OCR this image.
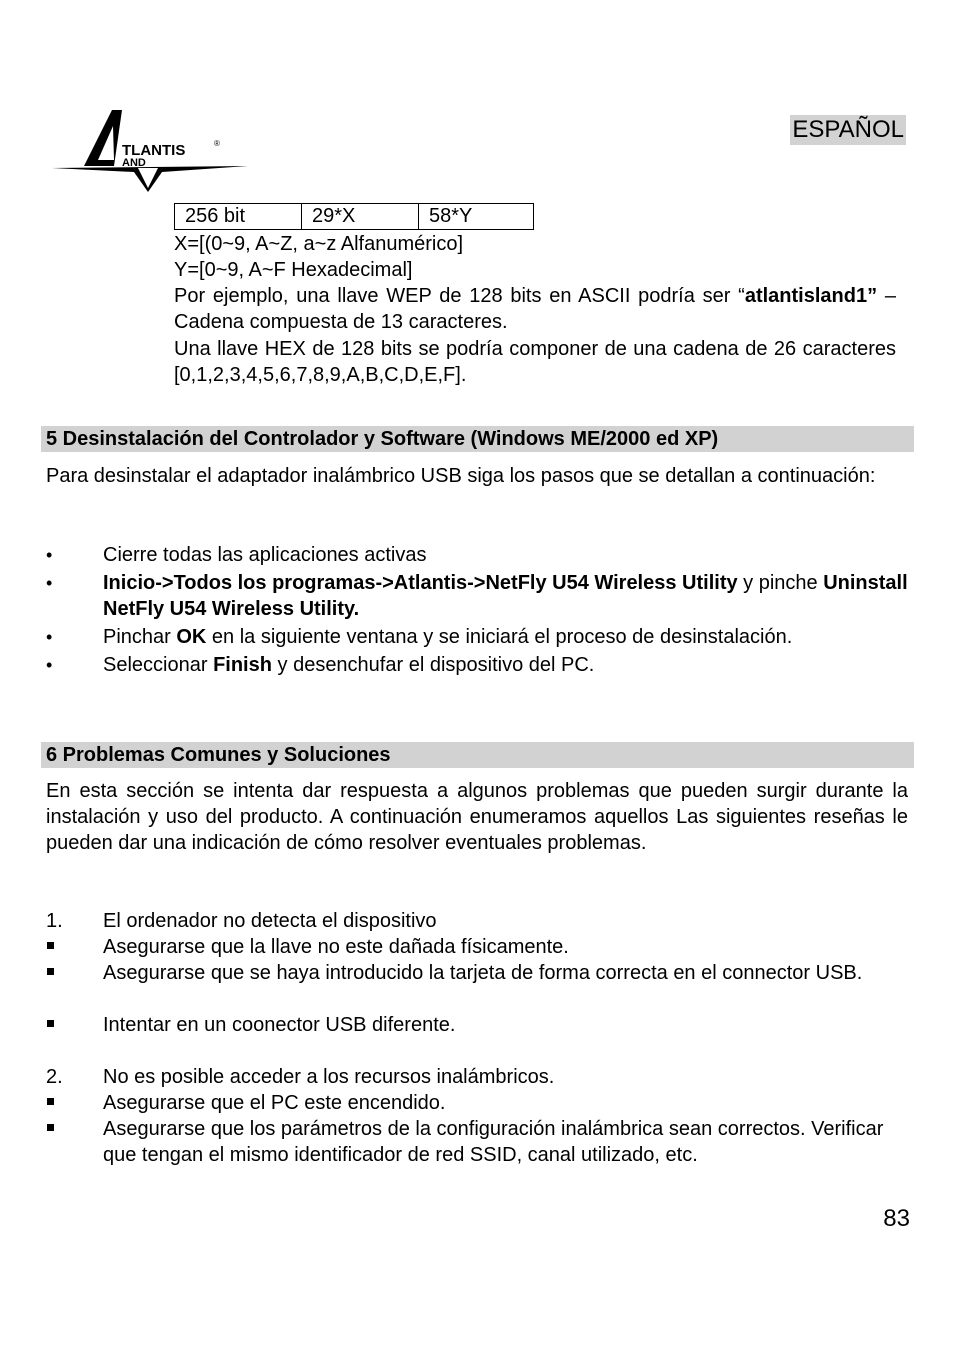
TLANTIS	®
AND
ESPAÑOL
256 bit	29*X	58*Y
X=[(0~9, A~Z, a~z Alfanumérico]
Y=[0~9, A~F Hexadecimal]
Por ejemplo, una llave WEP de 128 bits en ASCII podría ser “atlantisland1” – Cadena compuesta de 13 caracteres.
Una llave HEX de 128 bits se podría componer de una cadena de 26 caracteres [0,1,2,3,4,5,6,7,8,9,A,B,C,D,E,F].
5 Desinstalación del Controlador y Software (Windows ME/2000 ed XP)
Para desinstalar el adaptador inalámbrico USB siga los pasos que se detallan a continuación:
•	Cierre todas las aplicaciones activas
•	Inicio->Todos los programas->Atlantis->NetFly U54 Wireless Utility y pinche Uninstall NetFly U54 Wireless Utility.
•	Pinchar OK en la siguiente ventana y se iniciará el proceso de desinstalación.
•	Seleccionar Finish y desenchufar el dispositivo del PC.
6 Problemas Comunes y Soluciones
En esta sección se intenta dar respuesta a algunos problemas que pueden surgir durante la instalación y uso del producto. A continuación enumeramos aquellos Las siguientes reseñas le pueden dar una indicación de cómo resolver eventuales problemas.
1.	El ordenador no detecta el dispositivo
Asegurarse que la llave no este dañada físicamente.
Asegurarse que se haya introducido la tarjeta de forma correcta en el connector USB.
Intentar en un coonector USB diferente.
2.	No es posible acceder a los recursos inalámbricos.
Asegurarse que el PC este encendido.
Asegurarse que los parámetros de la configuración inalámbrica sean correctos. Verificar que tengan el mismo identificador de red SSID, canal utilizado, etc.
83
